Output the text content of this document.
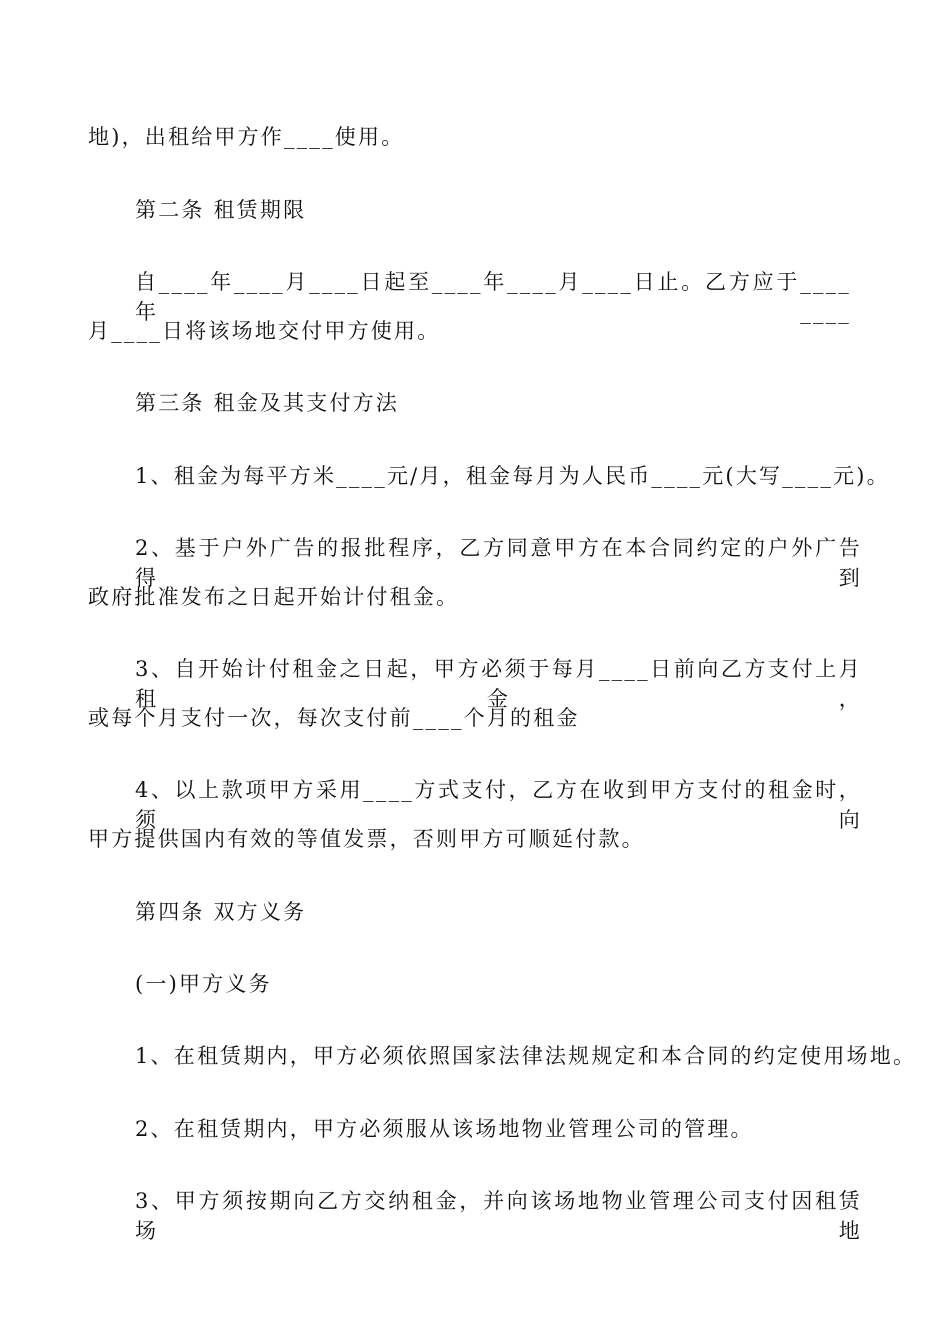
地)，出租给甲方作____使用。
第二条 租赁期限
自____年____月____日起至____年____月____日止。乙方应于____年____
月____日将该场地交付甲方使用。
第三条 租金及其支付方法
1、租金为每平方米____元/月，租金每月为人民币____元(大写____元)。
2、基于户外广告的报批程序，乙方同意甲方在本合同约定的户外广告得到
政府批准发布之日起开始计付租金。
3、自开始计付租金之日起，甲方必须于每月____日前向乙方支付上月租金，
或每个月支付一次，每次支付前____个月的租金
4、以上款项甲方采用____方式支付，乙方在收到甲方支付的租金时，须向
甲方提供国内有效的等值发票，否则甲方可顺延付款。
第四条 双方义务
(一)甲方义务
1、在租赁期内，甲方必须依照国家法律法规规定和本合同的约定使用场地。
2、在租赁期内，甲方必须服从该场地物业管理公司的管理。
3、甲方须按期向乙方交纳租金，并向该场地物业管理公司支付因租赁场地
